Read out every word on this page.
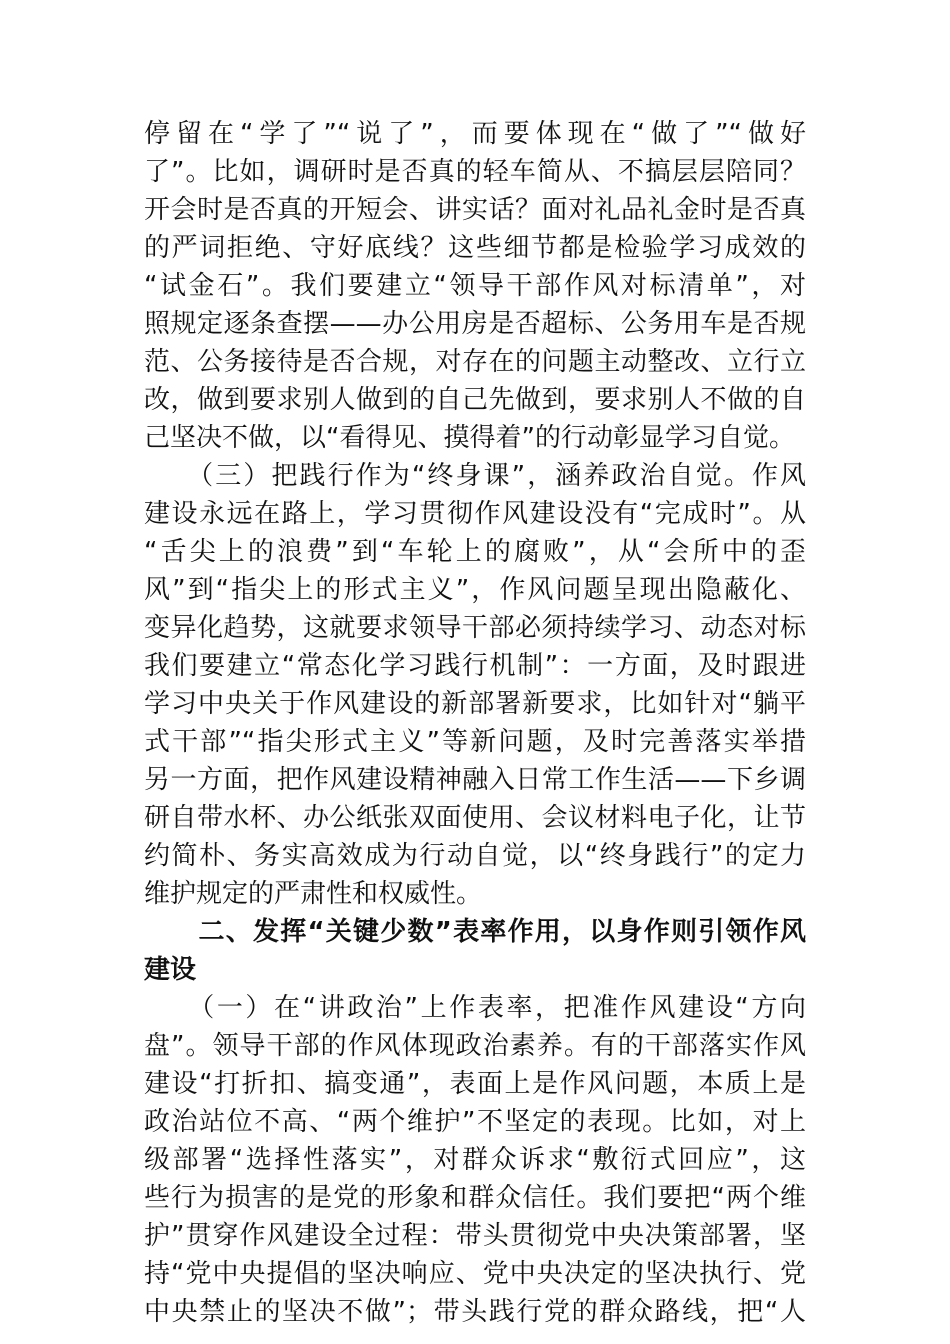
停留在“学了”“说了”，而要体现在“做了”“做好
了”。比如，调研时是否真的轻车简从、不搞层层陪同？
开会时是否真的开短会、讲实话？面对礼品礼金时是否真
的严词拒绝、守好底线？这些细节都是检验学习成效的
“试金石”。我们要建立“领导干部作风对标清单”，对
照规定逐条查摆——办公用房是否超标、公务用车是否规
范、公务接待是否合规，对存在的问题主动整改、立行立
改，做到要求别人做到的自己先做到，要求别人不做的自
己坚决不做，以“看得见、摸得着”的行动彰显学习自觉。
　　（三）把践行作为“终身课”，涵养政治自觉。作风
建设永远在路上，学习贯彻作风建设没有“完成时”。从
“舌尖上的浪费”到“车轮上的腐败”，从“会所中的歪
风”到“指尖上的形式主义”，作风问题呈现出隐蔽化、
变异化趋势，这就要求领导干部必须持续学习、动态对标
我们要建立“常态化学习践行机制”：一方面，及时跟进
学习中央关于作风建设的新部署新要求，比如针对“躺平
式干部”“指尖形式主义”等新问题，及时完善落实举措
另一方面，把作风建设精神融入日常工作生活——下乡调
研自带水杯、办公纸张双面使用、会议材料电子化，让节
约简朴、务实高效成为行动自觉，以“终身践行”的定力
维护规定的严肃性和权威性。
　　二、发挥“关键少数”表率作用，以身作则引领作风
建设
　　（一）在“讲政治”上作表率，把准作风建设“方向
盘”。领导干部的作风体现政治素养。有的干部落实作风
建设“打折扣、搞变通”，表面上是作风问题，本质上是
政治站位不高、“两个维护”不坚定的表现。比如，对上
级部署“选择性落实”，对群众诉求“敷衍式回应”，这
些行为损害的是党的形象和群众信任。我们要把“两个维
护”贯穿作风建设全过程：带头贯彻党中央决策部署，坚
持“党中央提倡的坚决响应、党中央决定的坚决执行、党
中央禁止的坚决不做”；带头践行党的群众路线，把“人
